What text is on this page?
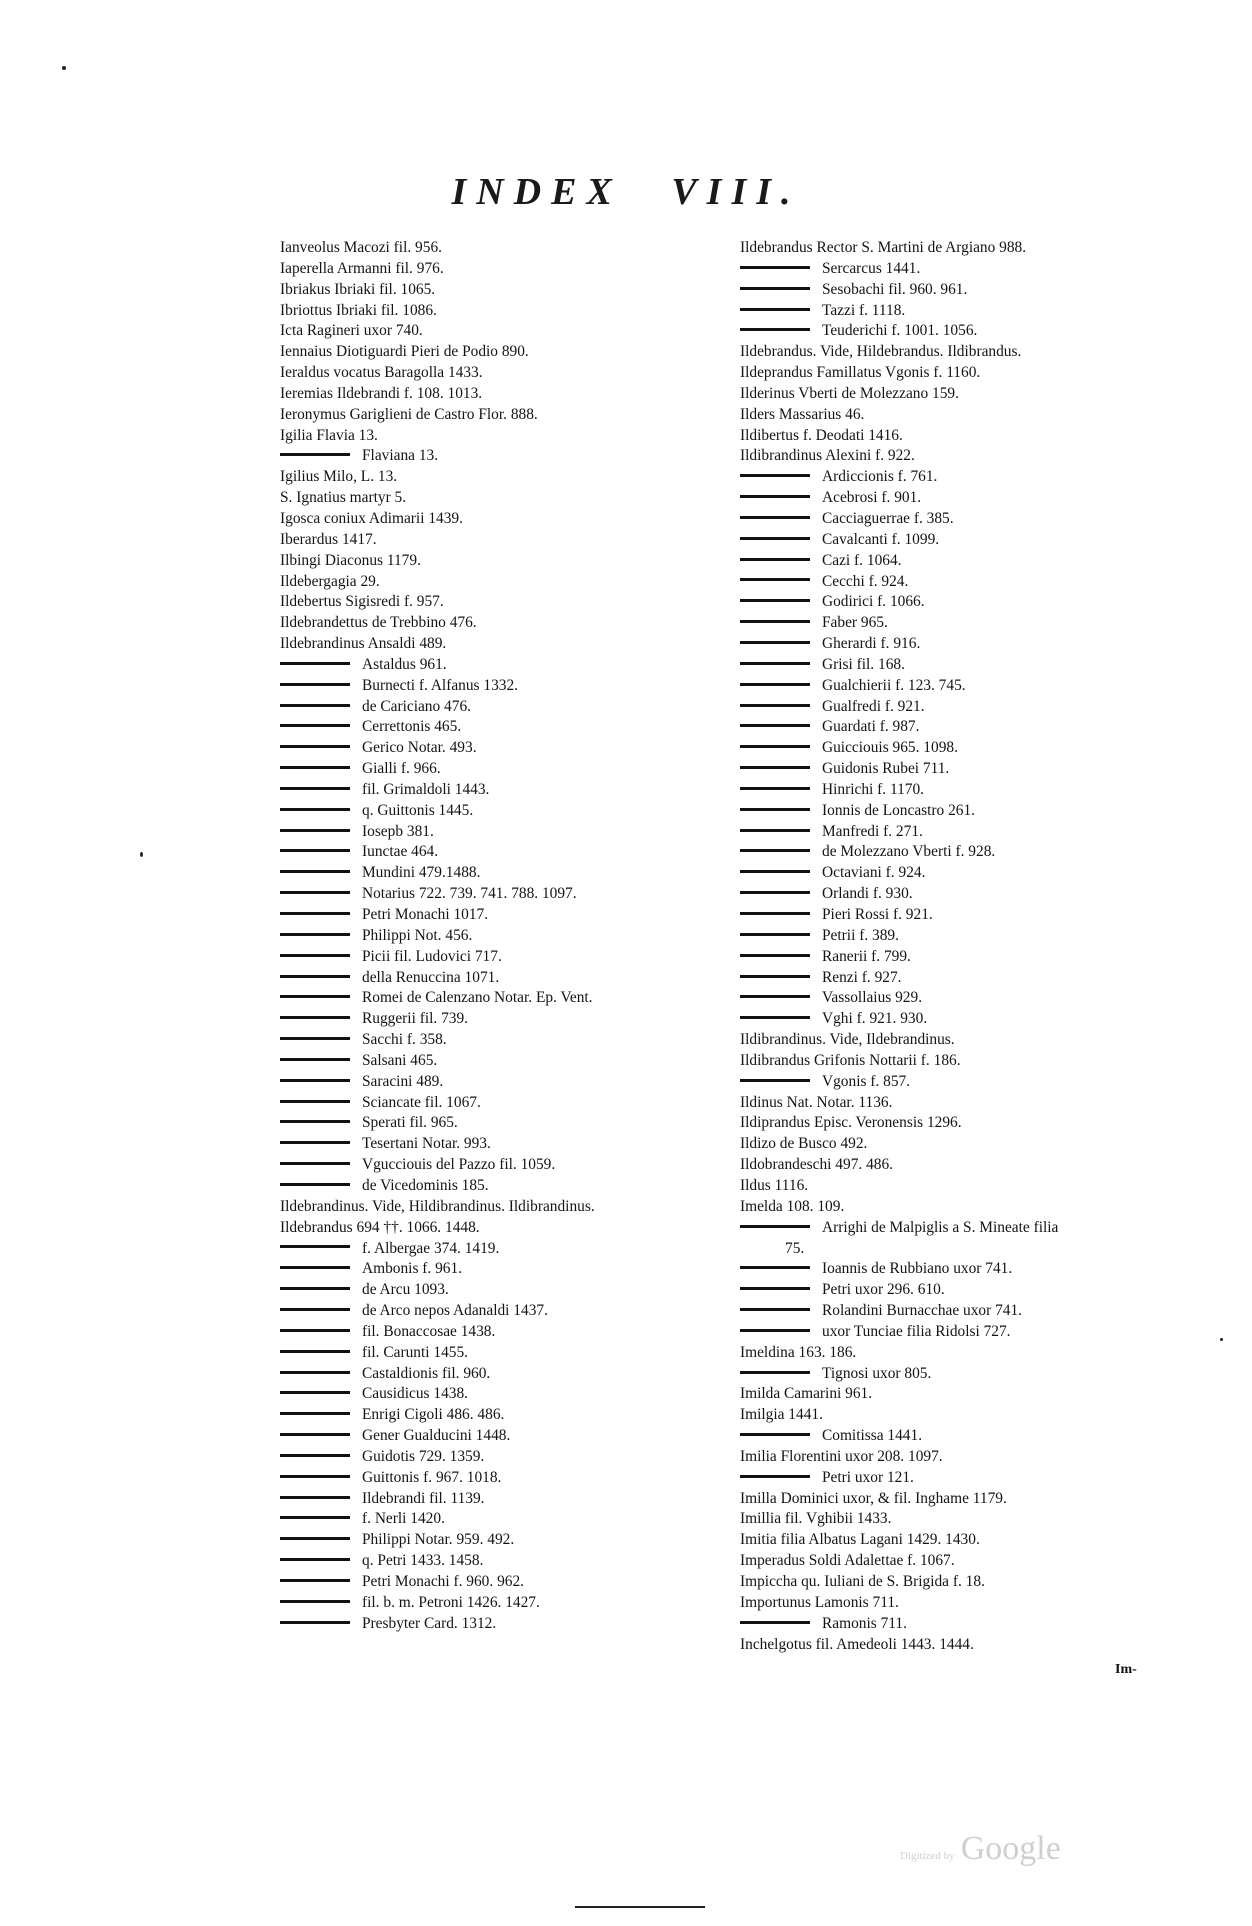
INDEX VIII.
Ianveolus Macozi fil. 956.
Iaperella Armanni fil. 976.
Ibriakus Ibriaki fil. 1065.
Ibriottus Ibriaki fil. 1086.
Icta Ragineri uxor 740.
Iennaius Diotiguardi Pieri de Podio 890.
Ieraldus vocatus Baragolla 1433.
Ieremias Ildebrandi f. 108. 1013.
Ieronymus Gariglieni de Castro Flor. 888.
Igilia Flavia 13.
Flaviana 13.
Igilius Milo, L. 13.
S. Ignatius martyr 5.
Igosca coniux Adimarii 1439.
Iberardus 1417.
Ilbingi Diaconus 1179.
Ildebergagia 29.
Ildebertus Sigisredi f. 957.
Ildebrandettus de Trebbino 476.
Ildebrandinus Ansaldi 489.
Astaldus 961.
Burnecti f. Alfanus 1332.
de Cariciano 476.
Cerrettonis 465.
Gerico Notar. 493.
Gialli f. 966.
fil. Grimaldoli 1443.
q. Guittonis 1445.
Iosepb 381.
Iunctae 464.
Mundini 479.1488.
Notarius 722. 739. 741. 788. 1097.
Petri Monachi 1017.
Philippi Not. 456.
Picii fil. Ludovici 717.
della Renuccina 1071.
Romei de Calenzano Notar. Ep. Vent.
Ruggerii fil. 739.
Sacchi f. 358.
Salsani 465.
Saracini 489.
Sciancate fil. 1067.
Sperati fil. 965.
Tesertani Notar. 993.
Vgucciouis del Pazzo fil. 1059.
de Vicedominis 185.
Ildebrandinus. Vide, Hildibrandinus. Ildibrandinus.
Ildebrandus 694 ††. 1066. 1448.
f. Albergae 374. 1419.
Ambonis f. 961.
de Arcu 1093.
de Arco nepos Adanaldi 1437.
fil. Bonaccosae 1438.
fil. Carunti 1455.
Castaldionis fil. 960.
Causidicus 1438.
Enrigi Cigoli 486. 486.
Gener Gualducini 1448.
Guidotis 729. 1359.
Guittonis f. 967. 1018.
Ildebrandi fil. 1139.
f. Nerli 1420.
Philippi Notar. 959. 492.
q. Petri 1433. 1458.
Petri Monachi f. 960. 962.
fil. b. m. Petroni 1426. 1427.
Presbyter Card. 1312.
Ildebrandus Rector S. Martini de Argiano 988.
Sercarcus 1441.
Sesobachi fil. 960. 961.
Tazzi f. 1118.
Teuderichi f. 1001. 1056.
Ildebrandus. Vide, Hildebrandus. Ildibrandus.
Ildeprandus Famillatus Vgonis f. 1160.
Ilderinus Vberti de Molezzano 159.
Ilders Massarius 46.
Ildibertus f. Deodati 1416.
Ildibrandinus Alexini f. 922.
Ardiccionis f. 761.
Acebrosi f. 901.
Cacciaguerrae f. 385.
Cavalcanti f. 1099.
Cazi f. 1064.
Cecchi f. 924.
Godirici f. 1066.
Faber 965.
Gherardi f. 916.
Grisi fil. 168.
Gualchierii f. 123. 745.
Gualfredi f. 921.
Guardati f. 987.
Guicciouis 965. 1098.
Guidonis Rubei 711.
Hinrichi f. 1170.
Ionnis de Loncastro 261.
Manfredi f. 271.
de Molezzano Vberti f. 928.
Octaviani f. 924.
Orlandi f. 930.
Pieri Rossi f. 921.
Petrii f. 389.
Ranerii f. 799.
Renzi f. 927.
Vassollaius 929.
Vghi f. 921. 930.
Ildibrandinus. Vide, Ildebrandinus.
Ildibrandus Grifonis Nottarii f. 186.
Vgonis f. 857.
Ildinus Nat. Notar. 1136.
Ildiprandus Episc. Veronensis 1296.
Ildizo de Busco 492.
Ildobrandeschi 497. 486.
Ildus 1116.
Imelda 108. 109.
Arrighi de Malpiglis a S. Mineate filia
75.
Ioannis de Rubbiano uxor 741.
Petri uxor 296. 610.
Rolandini Burnacchae uxor 741.
uxor Tunciae filia Ridolsi 727.
Imeldina 163. 186.
Tignosi uxor 805.
Imilda Camarini 961.
Imilgia 1441.
Comitissa 1441.
Imilia Florentini uxor 208. 1097.
Petri uxor 121.
Imilla Dominici uxor, & fil. Inghame 1179.
Imillia fil. Vghibii 1433.
Imitia filia Albatus Lagani 1429. 1430.
Imperadus Soldi Adalettae f. 1067.
Impiccha qu. Iuliani de S. Brigida f. 18.
Importunus Lamonis 711.
Ramonis 711.
Inchelgotus fil. Amedeoli 1443. 1444.
Im-
Digitized by Google
